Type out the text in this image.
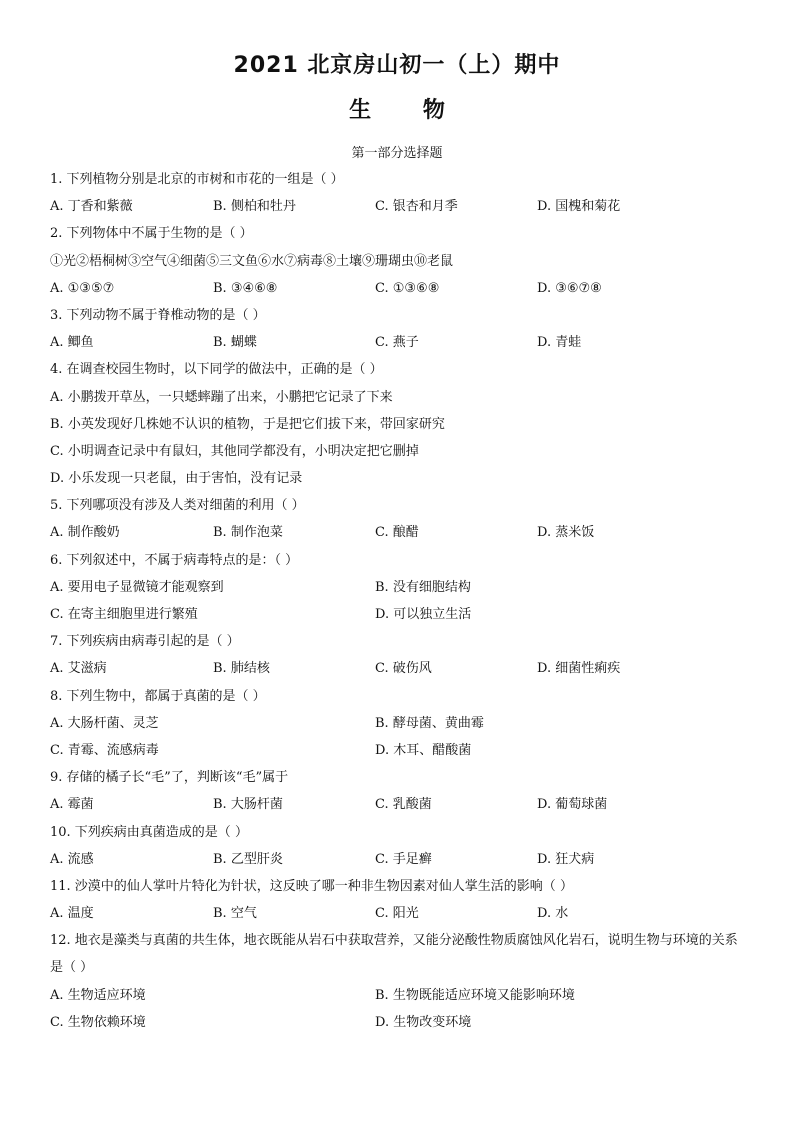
2021 北京房山初一（上）期中
生 物
第一部分选择题
1. 下列植物分别是北京的市树和市花的一组是（ ）
A. 丁香和紫薇	B. 侧柏和牡丹	C. 银杏和月季	D. 国槐和菊花
2. 下列物体中不属于生物的是（ ）
①光②梧桐树③空气④细菌⑤三文鱼⑥水⑦病毒⑧土壤⑨珊瑚虫⑩老鼠
A. ①③⑤⑦	B. ③④⑥⑧	C. ①③⑥⑧	D. ③⑥⑦⑧
3. 下列动物不属于脊椎动物的是（ ）
A. 鲫鱼	B. 蝴蝶	C. 燕子	D. 青蛙
4. 在调查校园生物时，以下同学的做法中，正确的是（ ）
A. 小鹏拨开草丛，一只蟋蟀蹦了出来，小鹏把它记录了下来
B. 小英发现好几株她不认识的植物，于是把它们拔下来，带回家研究
C. 小明调查记录中有鼠妇，其他同学都没有，小明决定把它删掉
D. 小乐发现一只老鼠，由于害怕，没有记录
5. 下列哪项没有涉及人类对细菌的利用（ ）
A. 制作酸奶	B. 制作泡菜	C. 酿醋	D. 蒸米饭
6. 下列叙述中，不属于病毒特点的是：（ ）
A. 要用电子显微镜才能观察到	B. 没有细胞结构
C. 在寄主细胞里进行繁殖	D. 可以独立生活
7. 下列疾病由病毒引起的是（ ）
A. 艾滋病	B. 肺结核	C. 破伤风	D. 细菌性痢疾
8. 下列生物中，都属于真菌的是（ ）
A. 大肠杆菌、灵芝	B. 酵母菌、黄曲霉
C. 青霉、流感病毒	D. 木耳、醋酸菌
9. 存储的橘子长“毛”了，判断该“毛”属于
A. 霉菌	B. 大肠杆菌	C. 乳酸菌	D. 葡萄球菌
10. 下列疾病由真菌造成的是（ ）
A. 流感	B. 乙型肝炎	C. 手足癣	D. 狂犬病
11. 沙漠中的仙人掌叶片特化为针状，这反映了哪一种非生物因素对仙人掌生活的影响（ ）
A. 温度	B. 空气	C. 阳光	D. 水
12. 地衣是藻类与真菌的共生体，地衣既能从岩石中获取营养，又能分泌酸性物质腐蚀风化岩石，说明生物与环境的关系是（ ）
A. 生物适应环境	B. 生物既能适应环境又能影响环境
C. 生物依赖环境	D. 生物改变环境
